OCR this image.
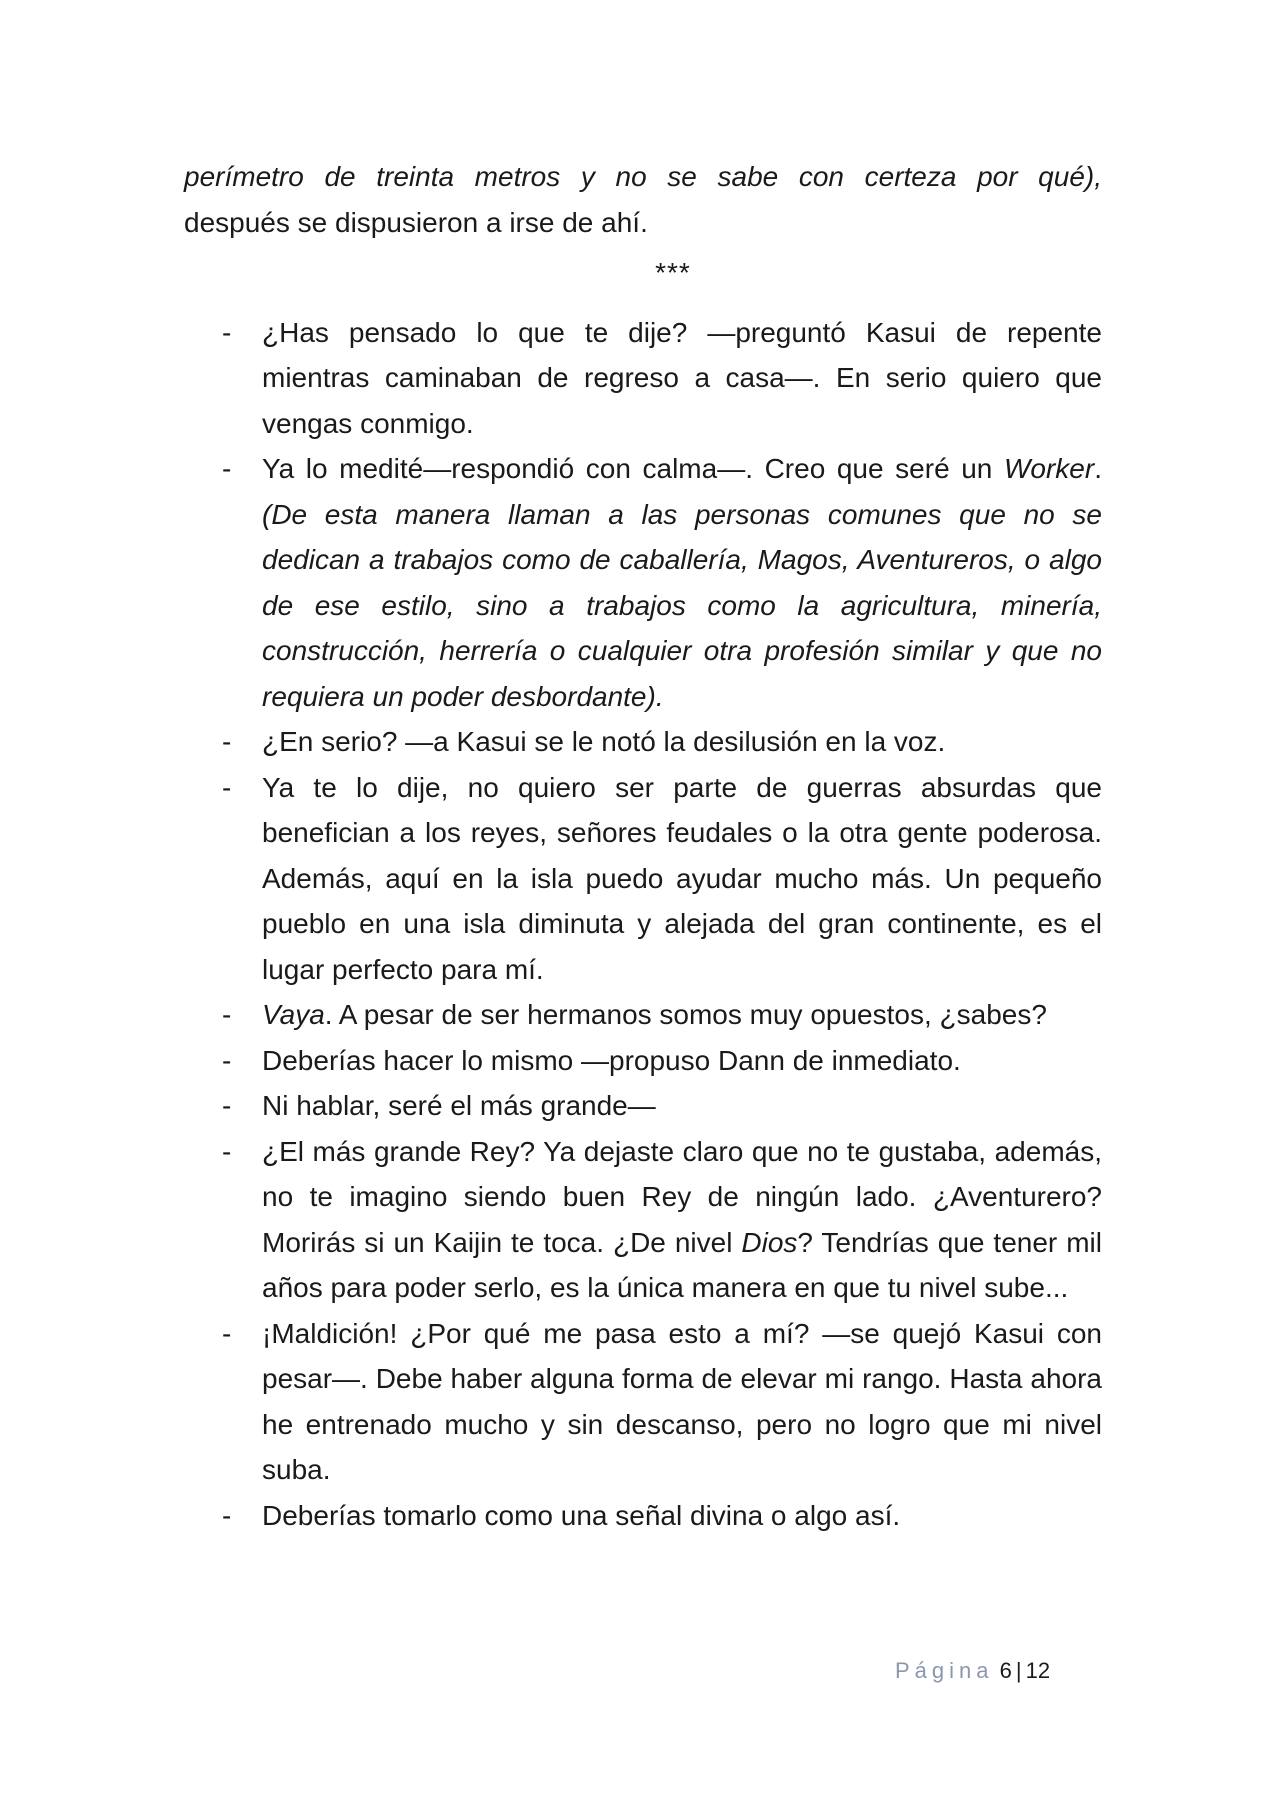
perímetro de treinta metros y no se sabe con certeza por qué),

después se dispusieron a irse de ahí.

***

- ¿Has pensado lo que te dije? —preguntó Kasui de repente mientras caminaban de regreso a casa—. En serio quiero que vengas conmigo.
- Ya lo medité—respondió con calma—. Creo que seré un Worker. (De esta manera llaman a las personas comunes que no se dedican a trabajos como de caballería, Magos, Aventureros, o algo de ese estilo, sino a trabajos como la agricultura, minería, construcción, herrería o cualquier otra profesión similar y que no requiera un poder desbordante).
- ¿En serio? —a Kasui se le notó la desilusión en la voz.
- Ya te lo dije, no quiero ser parte de guerras absurdas que benefician a los reyes, señores feudales o la otra gente poderosa. Además, aquí en la isla puedo ayudar mucho más. Un pequeño pueblo en una isla diminuta y alejada del gran continente, es el lugar perfecto para mí.
- Vaya. A pesar de ser hermanos somos muy opuestos, ¿sabes?
- Deberías hacer lo mismo —propuso Dann de inmediato.
- Ni hablar, seré el más grande—
- ¿El más grande Rey? Ya dejaste claro que no te gustaba, además, no te imagino siendo buen Rey de ningún lado. ¿Aventurero? Morirás si un Kaijin te toca. ¿De nivel Dios? Tendrías que tener mil años para poder serlo, es la única manera en que tu nivel sube...
- ¡Maldición! ¿Por qué me pasa esto a mí? —se quejó Kasui con pesar—. Debe haber alguna forma de elevar mi rango. Hasta ahora he entrenado mucho y sin descanso, pero no logro que mi nivel suba.
- Deberías tomarlo como una señal divina o algo así.
Página 6 | 12
